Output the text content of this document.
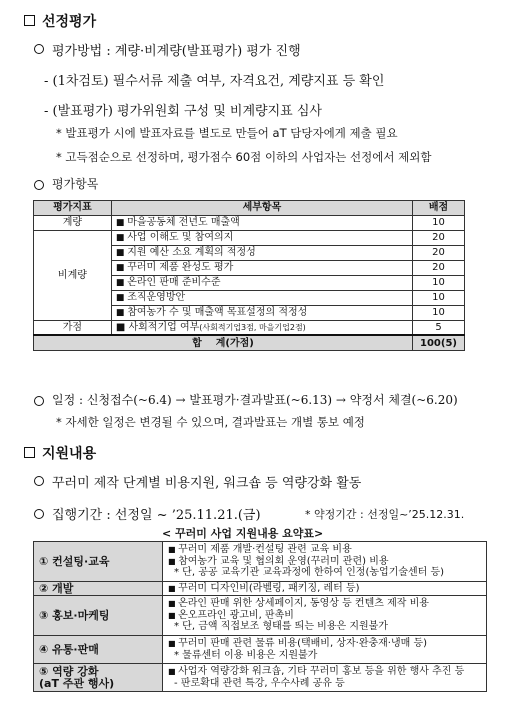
선정평가
평가방법 : 계량·비계량(발표평가) 평가 진행
- (1차검토) 필수서류 제출 여부, 자격요건, 계량지표 등 확인
- (발표평가) 평가위원회 구성 및 비계량지표 심사
* 발표평가 시에 발표자료를 별도로 만들어 aT 담당자에게 제출 필요
* 고득점순으로 선정하며, 평가점수 60점 이하의 사업자는 선정에서 제외함
평가항목
평가지표	세부항목	배점
계량	■ 마을공동체 전년도 매출액	10
비계량	■ 사업 이해도 및 참여의지	20
	■ 지원 예산 소요 계획의 적정성	20
	■ 꾸러미 제품 완성도 평가	20
	■ 온라인 판매 준비수준	10
	■ 조직운영방안	10
	■ 참여농가 수 및 매출액 목표설정의 적정성	10
가점	■ 사회적기업 여부(사회적기업3점, 마을기업2점)	5
합    계(가점)		100(5)
일정 : 신청접수(~6.4) → 발표평가·결과발표(~6.13) → 약정서 체결(~6.20)
* 자세한 일정은 변경될 수 있으며, 결과발표는 개별 통보 예정
지원내용
꾸러미 제작 단계별 비용지원, 워크숍 등 역량강화 활동
집행기간 : 선정일 ~ ’25.11.21.(금)	* 약정기간 : 선정일~’25.12.31.
< 꾸러미 사업 지원내용 요약표>
① 컨설팅·교육	■ 꾸러미 제품 개발·컨설팅 관련 교육 비용
■ 참여농가 교육 및 협의회 운영(꾸러미 관련) 비용
* 단, 공공 교육기관 교육과정에 한하여 인정(농업기술센터 등)

② 개발	■ 꾸러미 디자인비(라벨링, 패키징, 레터 등)

③ 홍보·마케팅	■ 온라인 판매 위한 상세페이지, 동영상 등 컨텐츠 제작 비용
■ 온오프라인 광고비, 판촉비
* 단, 금액 직접보조 형태를 띄는 비용은 지원불가

④ 유통·판매	■ 꾸러미 판매 관련 물류 비용(택배비, 상자·완충재·냉매 등)
* 물류센터 이용 비용은 지원불가

⑤ 역량 강화
(aT 주관 행사)	■ 사업자 역량강화 워크숍, 기타 꾸러미 홍보 등을 위한 행사 추진 등
- 판로확대 관련 특강, 우수사례 공유 등
